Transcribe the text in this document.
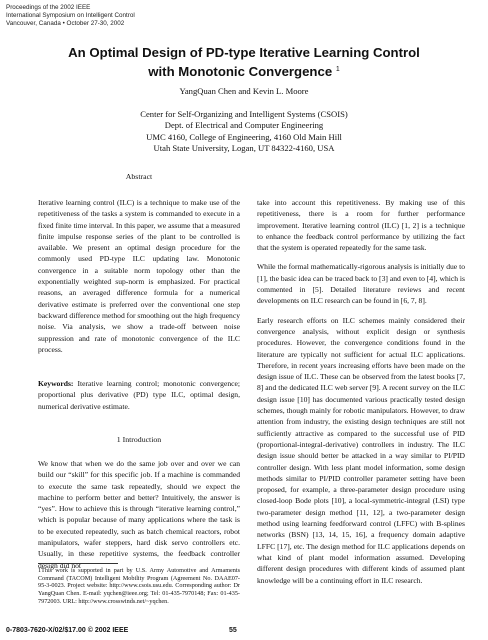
Proceedings of the 2002 IEEE
International Symposium on Intelligent Control
Vancouver, Canada • October 27-30, 2002
An Optimal Design of PD-type Iterative Learning Control
with Monotonic Convergence $^1$
YangQuan Chen and Kevin L. Moore
Center for Self-Organizing and Intelligent Systems (CSOIS)
Dept. of Electrical and Computer Engineering
UMC 4160, College of Engineering, 4160 Old Main Hill
Utah State University, Logan, UT 84322-4160, USA
Abstract
Iterative learning control (ILC) is a technique to make use of the repetitiveness of the tasks a system is commanded to execute in a fixed finite time interval. In this paper, we assume that a measured finite impulse response series of the plant to be controlled is available. We present an optimal design procedure for the commonly used PD-type ILC updating law. Monotonic convergence in a suitable norm topology other than the exponentially weighted sup-norm is emphasized. For practical reasons, an averaged difference formula for a numerical derivative estimate is preferred over the conventional one step backward difference method for smoothing out the high frequency noise. Via analysis, we show a trade-off between noise suppression and rate of monotonic convergence of the ILC process.
Keywords: Iterative learning control; monotonic convergence; proportional plus derivative (PD) type ILC, optimal design, numerical derivative estimate.
1 Introduction
We know that when we do the same job over and over we can build our “skill” for this specific job. If a machine is commanded to execute the same task repeatedly, should we expect the machine to perform better and better? Intuitively, the answer is “yes”. How to achieve this is through “iterative learning control,” which is popular because of many applications where the task is to be executed repeatedly, such as batch chemical reactors, robot manipulators, wafer steppers, hard disk servo controllers etc. Usually, in these repetitive systems, the feedback controller design did not
1This work is supported in part by U.S. Army Automotive and Armaments Command (TACOM) Intelligent Mobility Program (Agreement No. DAAE07-95-3-0023. Project website: http://www.csois.usu.edu. Corresponding author: Dr YangQuan Chen. E-mail: yqchen@ieee.org; Tel: 01-435-7970148; Fax: 01-435-7972003. URL: http://www.crosswinds.net/~yqchen.

take into account this repetitiveness. By making use of this repetitiveness, there is a room for further performance improvement. Iterative learning control (ILC) [1, 2] is a technique to enhance the feedback control performance by utilizing the fact that the system is operated repeatedly for the same task.

While the formal mathematically-rigorous analysis is initially due to [1], the basic idea can be traced back to [3] and even to [4], which is commented in [5]. Detailed literature reviews and recent developments on ILC research can be found in [6, 7, 8].

Early research efforts on ILC schemes mainly considered their convergence analysis, without explicit design or synthesis procedures. However, the convergence conditions found in the literature are typically not sufficient for actual ILC applications. Therefore, in recent years increasing efforts have been made on the design issue of ILC. These can be observed from the latest books [7, 8] and the dedicated ILC web server [9]. A recent survey on the ILC design issue [10] has documented various practically tested design schemes, though mainly for robotic manipulators. However, to draw attention from industry, the existing design techniques are still not sufficiently attractive as compared to the successful use of PID (proportional-integral-derivative) controllers in industry. The ILC design issue should better be attacked in a way similar to PI/PID controller design. With less plant model information, some design methods similar to PI/PID controller parameter setting have been proposed, for example, a three-parameter design procedure using closed-loop Bode plots [10], a local-symmetric-integral (LSI) type two-parameter design method [11, 12], a two-parameter design method using learning feedforward control (LFFC) with B-splines networks (BSN) [13, 14, 15, 16], a frequency domain adaptive LFFC [17], etc. The design method for ILC applications depends on what kind of plant model information assumed. Developing different design procedures with different kinds of assumed plant knowledge will be a continuing effort in ILC research.

0-7803-7620-X/02/$17.00 © 2002 IEEE	55
